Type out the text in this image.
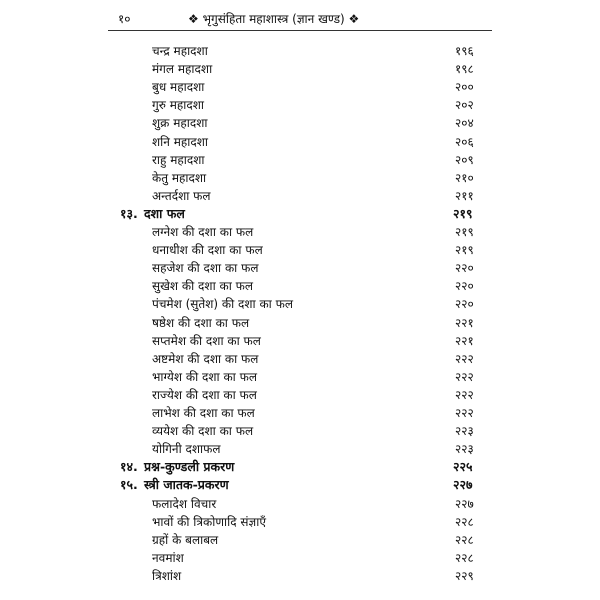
१०	❖ भृगुसंहिता महाशास्त्र (ज्ञान खण्ड) ❖
चन्द्र महादशा	१९६
मंगल महादशा	१९८
बुध महादशा	२००
गुरु महादशा	२०२
शुक्र महादशा	२०४
शनि महादशा	२०६
राहु महादशा	२०९
केतु महादशा	२१०
अन्तर्दशा फल	२११
१३. दशा फल	२१९
लग्नेश की दशा का फल	२१९
धनाधीश की दशा का फल	२१९
सहजेश की दशा का फल	२२०
सुखेश की दशा का फल	२२०
पंचमेश (सुतेश) की दशा का फल	२२०
षष्ठेश की दशा का फल	२२१
सप्तमेश की दशा का फल	२२१
अष्टमेश की दशा का फल	२२२
भाग्येश की दशा का फल	२२२
राज्येश की दशा का फल	२२२
लाभेश की दशा का फल	२२२
व्ययेश की दशा का फल	२२३
योगिनी दशाफल	२२३
१४. प्रश्न-कुण्डली प्रकरण	२२५
१५. स्त्री जातक-प्रकरण	२२७
फलादेश विचार	२२७
भावों की त्रिकोणादि संज्ञाएँ	२२८
ग्रहों के बलाबल	२२८
नवमांश	२२८
त्रिशांश	२२९
